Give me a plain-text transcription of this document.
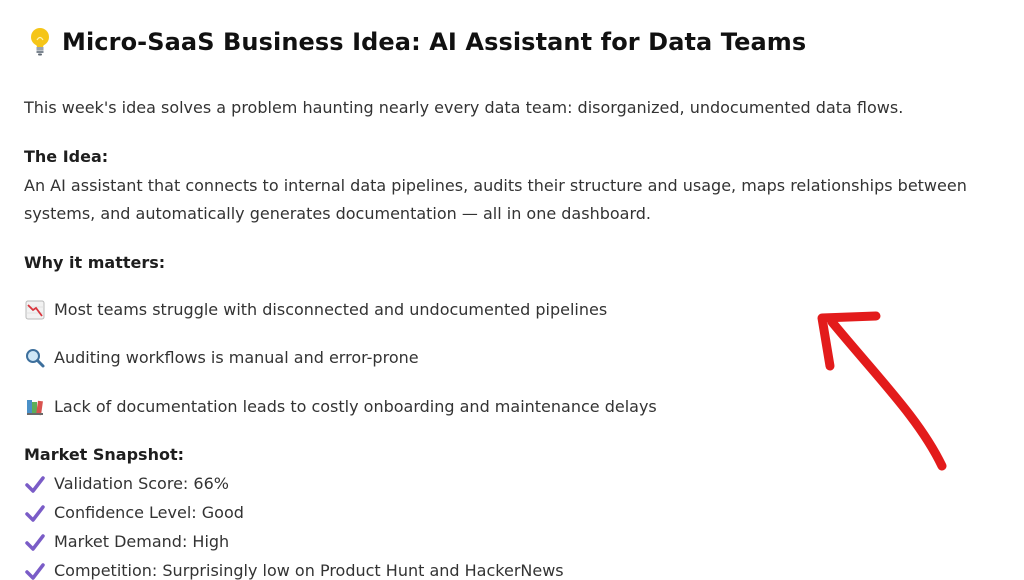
Micro-SaaS Business Idea: AI Assistant for Data Teams
This week's idea solves a problem haunting nearly every data team: disorganized, undocumented data flows.
The Idea:
An AI assistant that connects to internal data pipelines, audits their structure and usage, maps relationships between
systems, and automatically generates documentation — all in one dashboard.
Why it matters:
Most teams struggle with disconnected and undocumented pipelines
Auditing workflows is manual and error-prone
Lack of documentation leads to costly onboarding and maintenance delays
Market Snapshot:
Validation Score: 66%
Confidence Level: Good
Market Demand: High
Competition: Surprisingly low on Product Hunt and HackerNews
